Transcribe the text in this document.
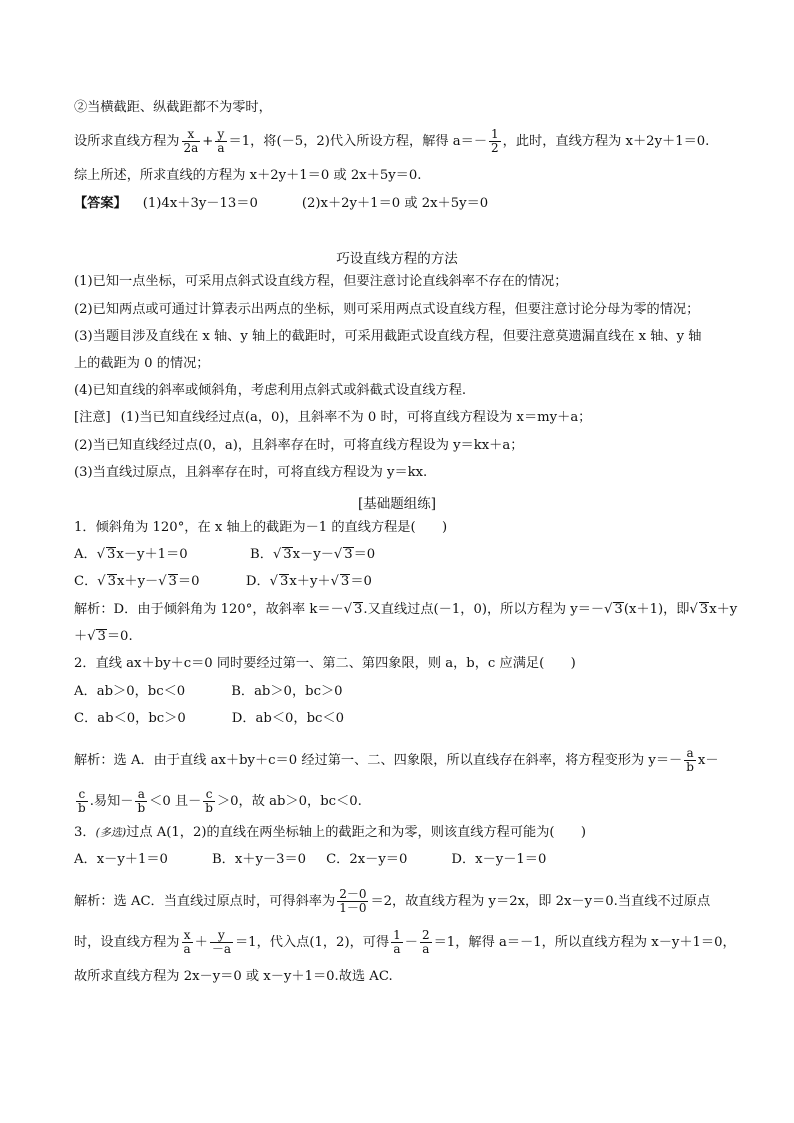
②当横截距、纵截距都不为零时，
设所求直线方程为 $\frac{x}{2a} + \frac{y}{a} =1$，将(－5，2)代入所设方程，解得 $a=- \frac{1}{2}$ ，此时，直线方程为 x＋2y＋1＝0.
综上所述，所求直线的方程为 x＋2y＋1＝0 或 2x＋5y＝0.
【答案】 (1)4x＋3y－13＝0	(2)x＋2y＋1＝0 或 2x＋5y＝0
巧设直线方程的方法
(1)已知一点坐标，可采用点斜式设直线方程，但要注意讨论直线斜率不存在的情况；
(2)已知两点或可通过计算表示出两点的坐标，则可采用两点式设直线方程，但要注意讨论分母为零的情况；
(3)当题目涉及直线在 x 轴、y 轴上的截距时，可采用截距式设直线方程，但要注意莫遗漏直线在 x 轴、y 轴
上的截距为 0 的情况；
(4)已知直线的斜率或倾斜角，考虑利用点斜式或斜截式设直线方程.
[注意] (1)当已知直线经过点(a，0)，且斜率不为 0 时，可将直线方程设为 x＝my＋a；
(2)当已知直线经过点(0，a)，且斜率存在时，可将直线方程设为 y＝kx＋a；
(3)当直线过原点，且斜率存在时，可将直线方程设为 y＝kx.
[基础题组练]
1．倾斜角为 120°，在 x 轴上的截距为－1 的直线方程是(　　)
A．√ 3x－y＋1＝0	B．√ 3x－y－√ 3＝0
C．√ 3x＋y－√ 3＝0	D．√ 3x＋y＋√ 3＝0
解析：D．由于倾斜角为 120°，故斜率 k＝－√ 3.又直线过点(－1，0)，所以方程为 y＝－√ 3(x＋1)，即√ 3x＋y
＋√ 3＝0.
2．直线 ax＋by＋c＝0 同时要经过第一、第二、第四象限，则 a，b，c 应满足(　　)
A．ab＞0，bc＜0	B．ab＞0，bc＞0
C．ab＜0，bc＞0	D．ab＜0，bc＜0
解析：选 A．由于直线 ax＋by＋c＝0 经过第一、二、四象限，所以直线存在斜率，将方程变形为 $y=- \frac{a}{b} x-$
$\frac{c}{b}$ .易知－ $\frac{a}{b} <0$ 且－ $\frac{c}{b} >0$，故 ab＞0，bc＜0.
3．(多选)过点 A(1，2)的直线在两坐标轴上的截距之和为零，则该直线方程可能为(　　)
A．x－y＋1＝0	B．x＋y－3＝0 C．2x－y＝0	D．x－y－1＝0
解析：选 AC．当直线过原点时，可得斜率为 $\frac{2-0}{1-0} =2$，故直线方程为 y＝2x，即 2x－y＝0.当直线不过原点
时，设直线方程为 $\frac{x}{a} + \frac{y}{-a} =1$，代入点(1，2)，可得 $\frac{1}{a} - \frac{2}{a} =1$，解得 a＝－1，所以直线方程为 x－y＋1＝0，
故所求直线方程为 2x－y＝0 或 x－y＋1＝0.故选 AC.
